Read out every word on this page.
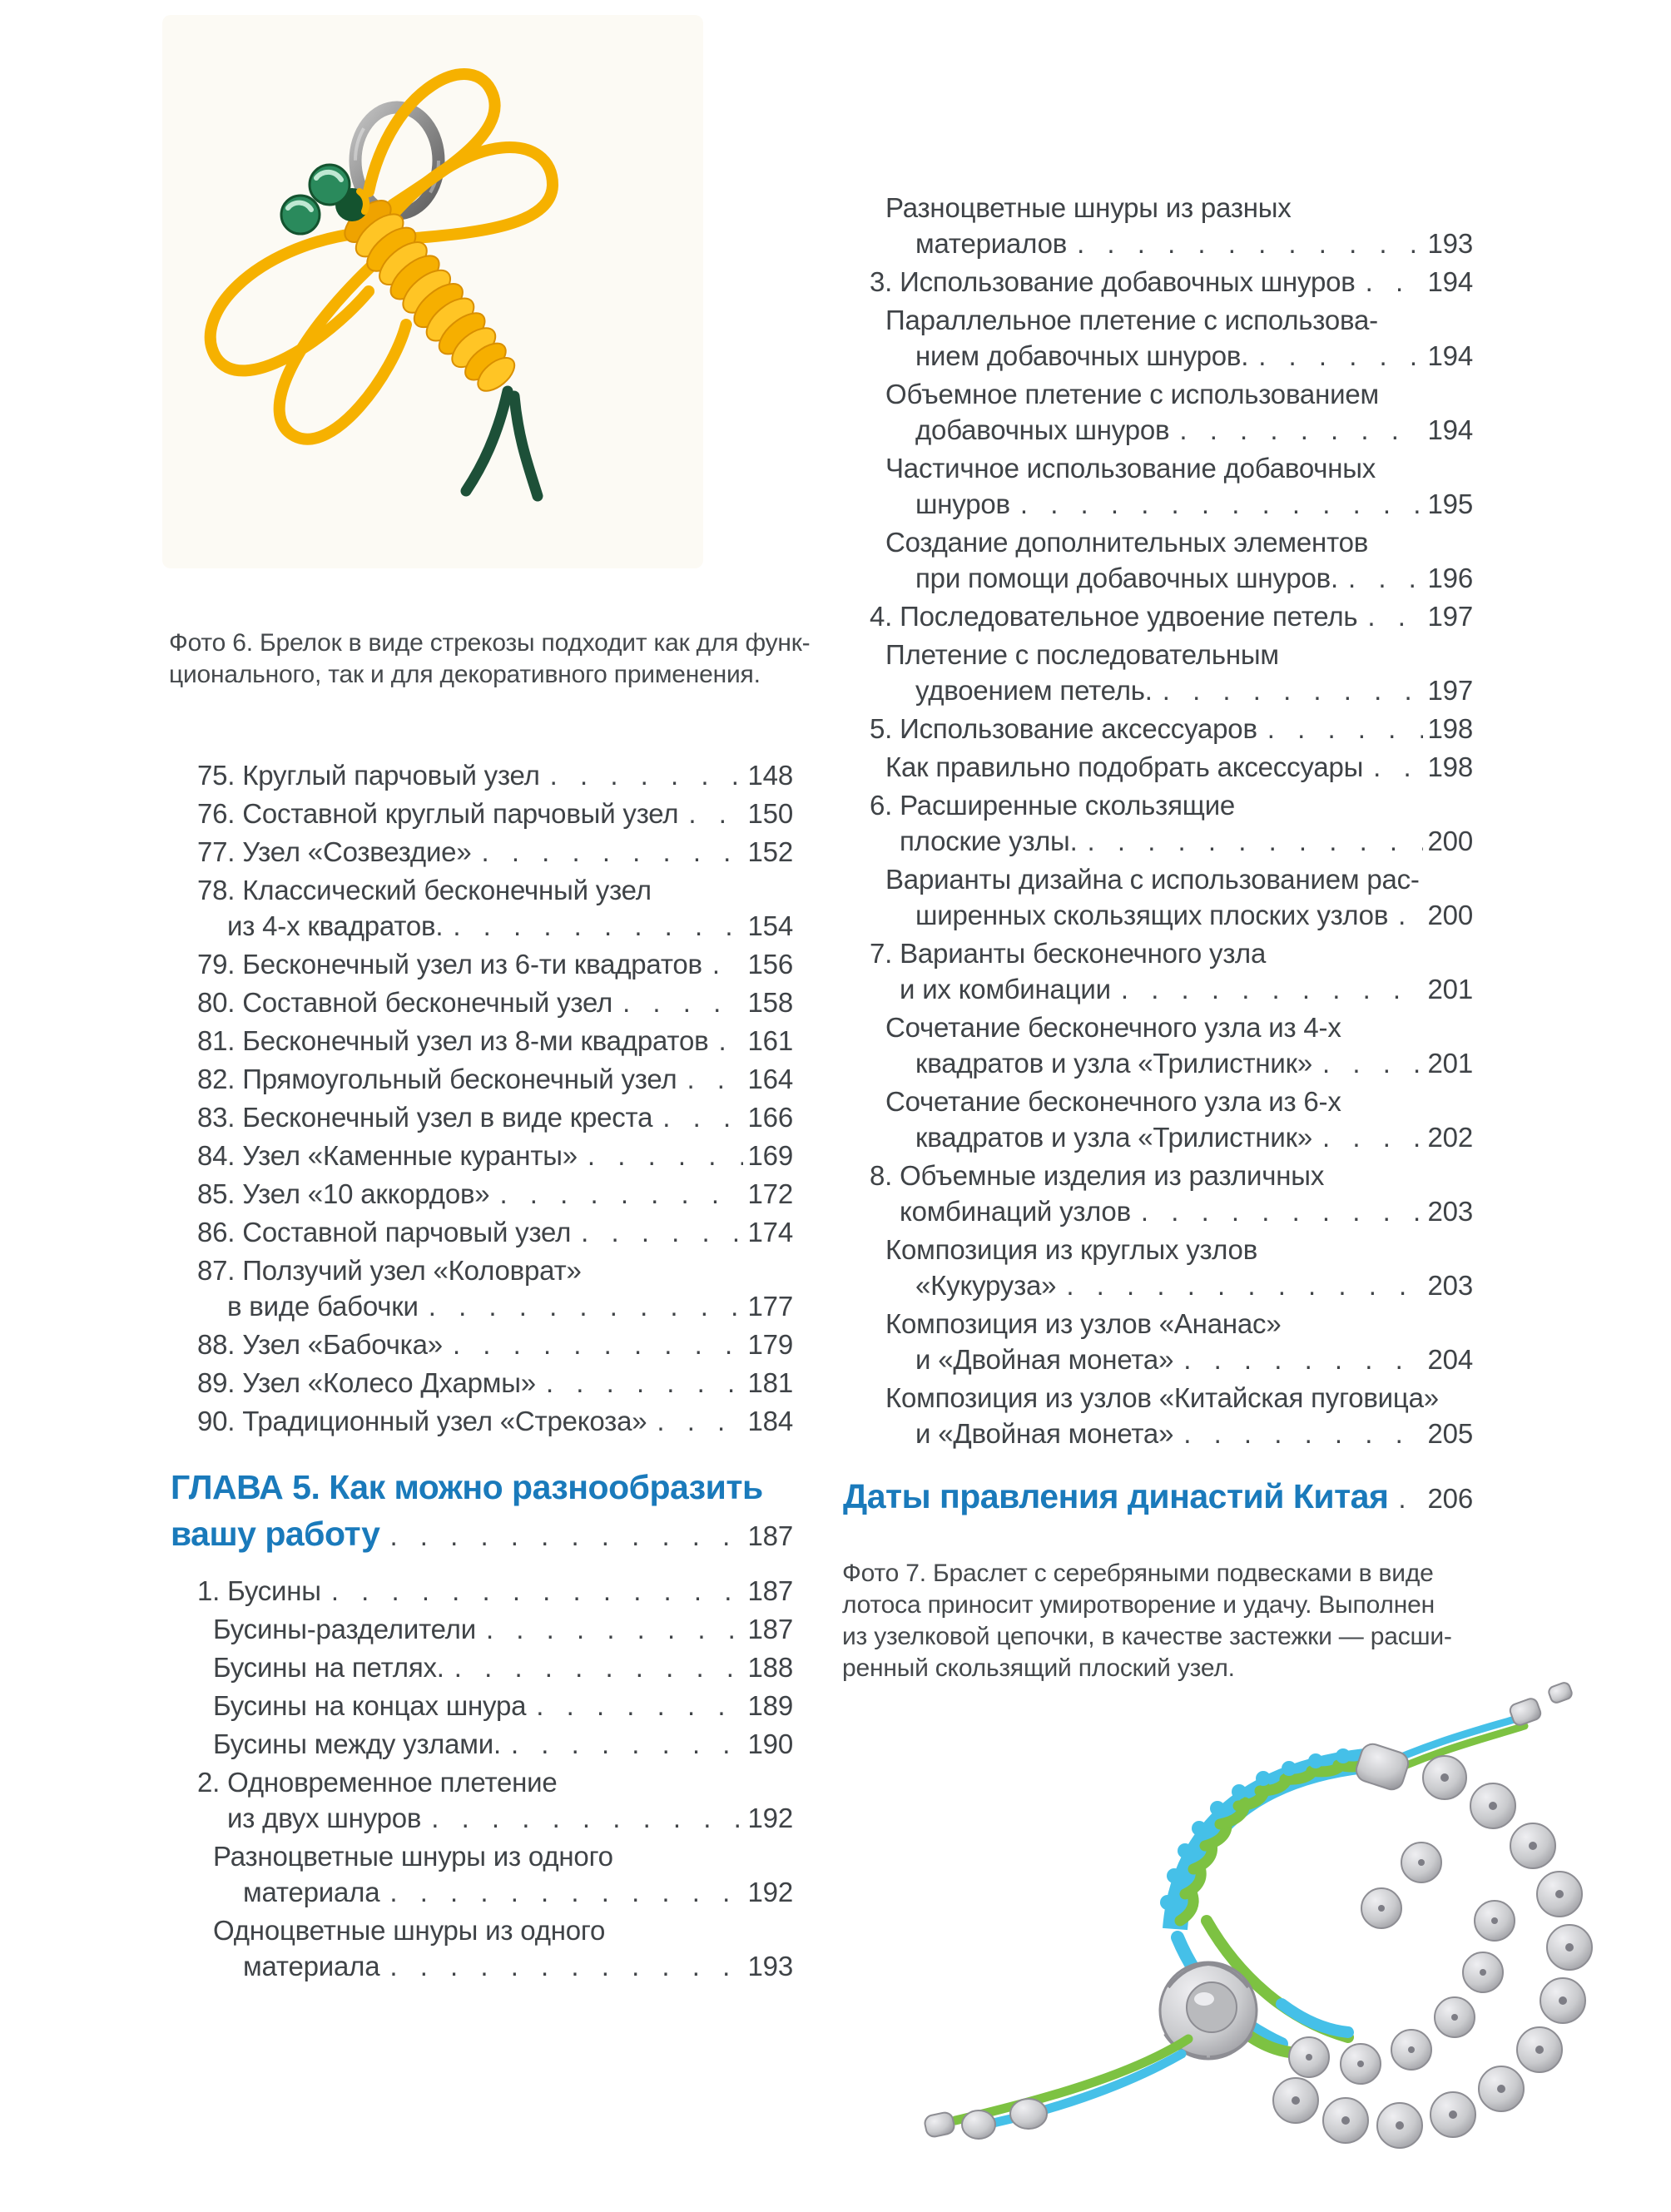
Фото 6. Брелок в виде стрекозы подходит как для функ-
ционального, так и для декоративного применения.

75. Круглый парчовый узел . . .	148
76. Составной круглый парчовый узел . . .	150
77. Узел «Созвездие» . . .	152
78. Классический бесконечный узел
из 4-х квадратов. . . .	154
79. Бесконечный узел из 6-ти квадратов . . . 156
80. Составной бесконечный узел . . .	158
81. Бесконечный узел из 8-ми квадратов . . . 161
82. Прямоугольный бесконечный узел . . .	164
83. Бесконечный узел в виде креста . . .	166
84. Узел «Каменные куранты» . . .	169
85. Узел «10 аккордов» . . .	172
86. Составной парчовый узел . . .	174
87. Ползучий узел «Коловрат»
в виде бабочки . . .	177
88. Узел «Бабочка» . . .	179
89. Узел «Колесо Дхармы» . . .	181
90. Традиционный узел «Стрекоза» . . .	184
ГЛАВА 5. Как можно разнообразить
вашу работу . . .	187
1. Бусины . . .	187
Бусины-разделители . . .	187
Бусины на петлях. . . .	188
Бусины на концах шнура . . .	189
Бусины между узлами. . . .	190
2. Одновременное плетение
из двух шнуров . . .	192
Разноцветные шнуры из одного
материала . . .	192
Одноцветные шнуры из одного
материала . . .	193
Разноцветные шнуры из разных
материалов . . .	193
3. Использование добавочных шнуров . . .	194
Параллельное плетение с использова-
нием добавочных шнуров. . . .	194
Объемное плетение с использованием
добавочных шнуров . . .	194
Частичное использование добавочных
шнуров . . .	195
Создание дополнительных элементов
при помощи добавочных шнуров. . . .	196
4. Последовательное удвоение петель . . .	197
Плетение с последовательным
удвоением петель. . . .	197
5. Использование аксессуаров . . .	198
Как правильно подобрать аксессуары . . . 198
6. Расширенные скользящие
плоские узлы. . . .	200
Варианты дизайна с использованием рас-
ширенных скользящих плоских узлов . . . 200
7. Варианты бесконечного узла
и их комбинации . . .	201
Сочетание бесконечного узла из 4-х
квадратов и узла «Трилистник» . . .	201
Сочетание бесконечного узла из 6-х
квадратов и узла «Трилистник» . . .	202
8. Объемные изделия из различных
комбинаций узлов . . .	203
Композиция из круглых узлов
«Кукуруза» . . .	203
Композиция из узлов «Ананас»
и «Двойная монета» . . .	204
Композиция из узлов «Китайская пуговица»
и «Двойная монета» . . .	205
Даты правления династий Китая . . . 206

Фото 7. Браслет с серебряными подвесками в виде
лотоса приносит умиротворение и удачу. Выполнен
из узелковой цепочки, в качестве застежки — расши-
ренный скользящий плоский узел.
